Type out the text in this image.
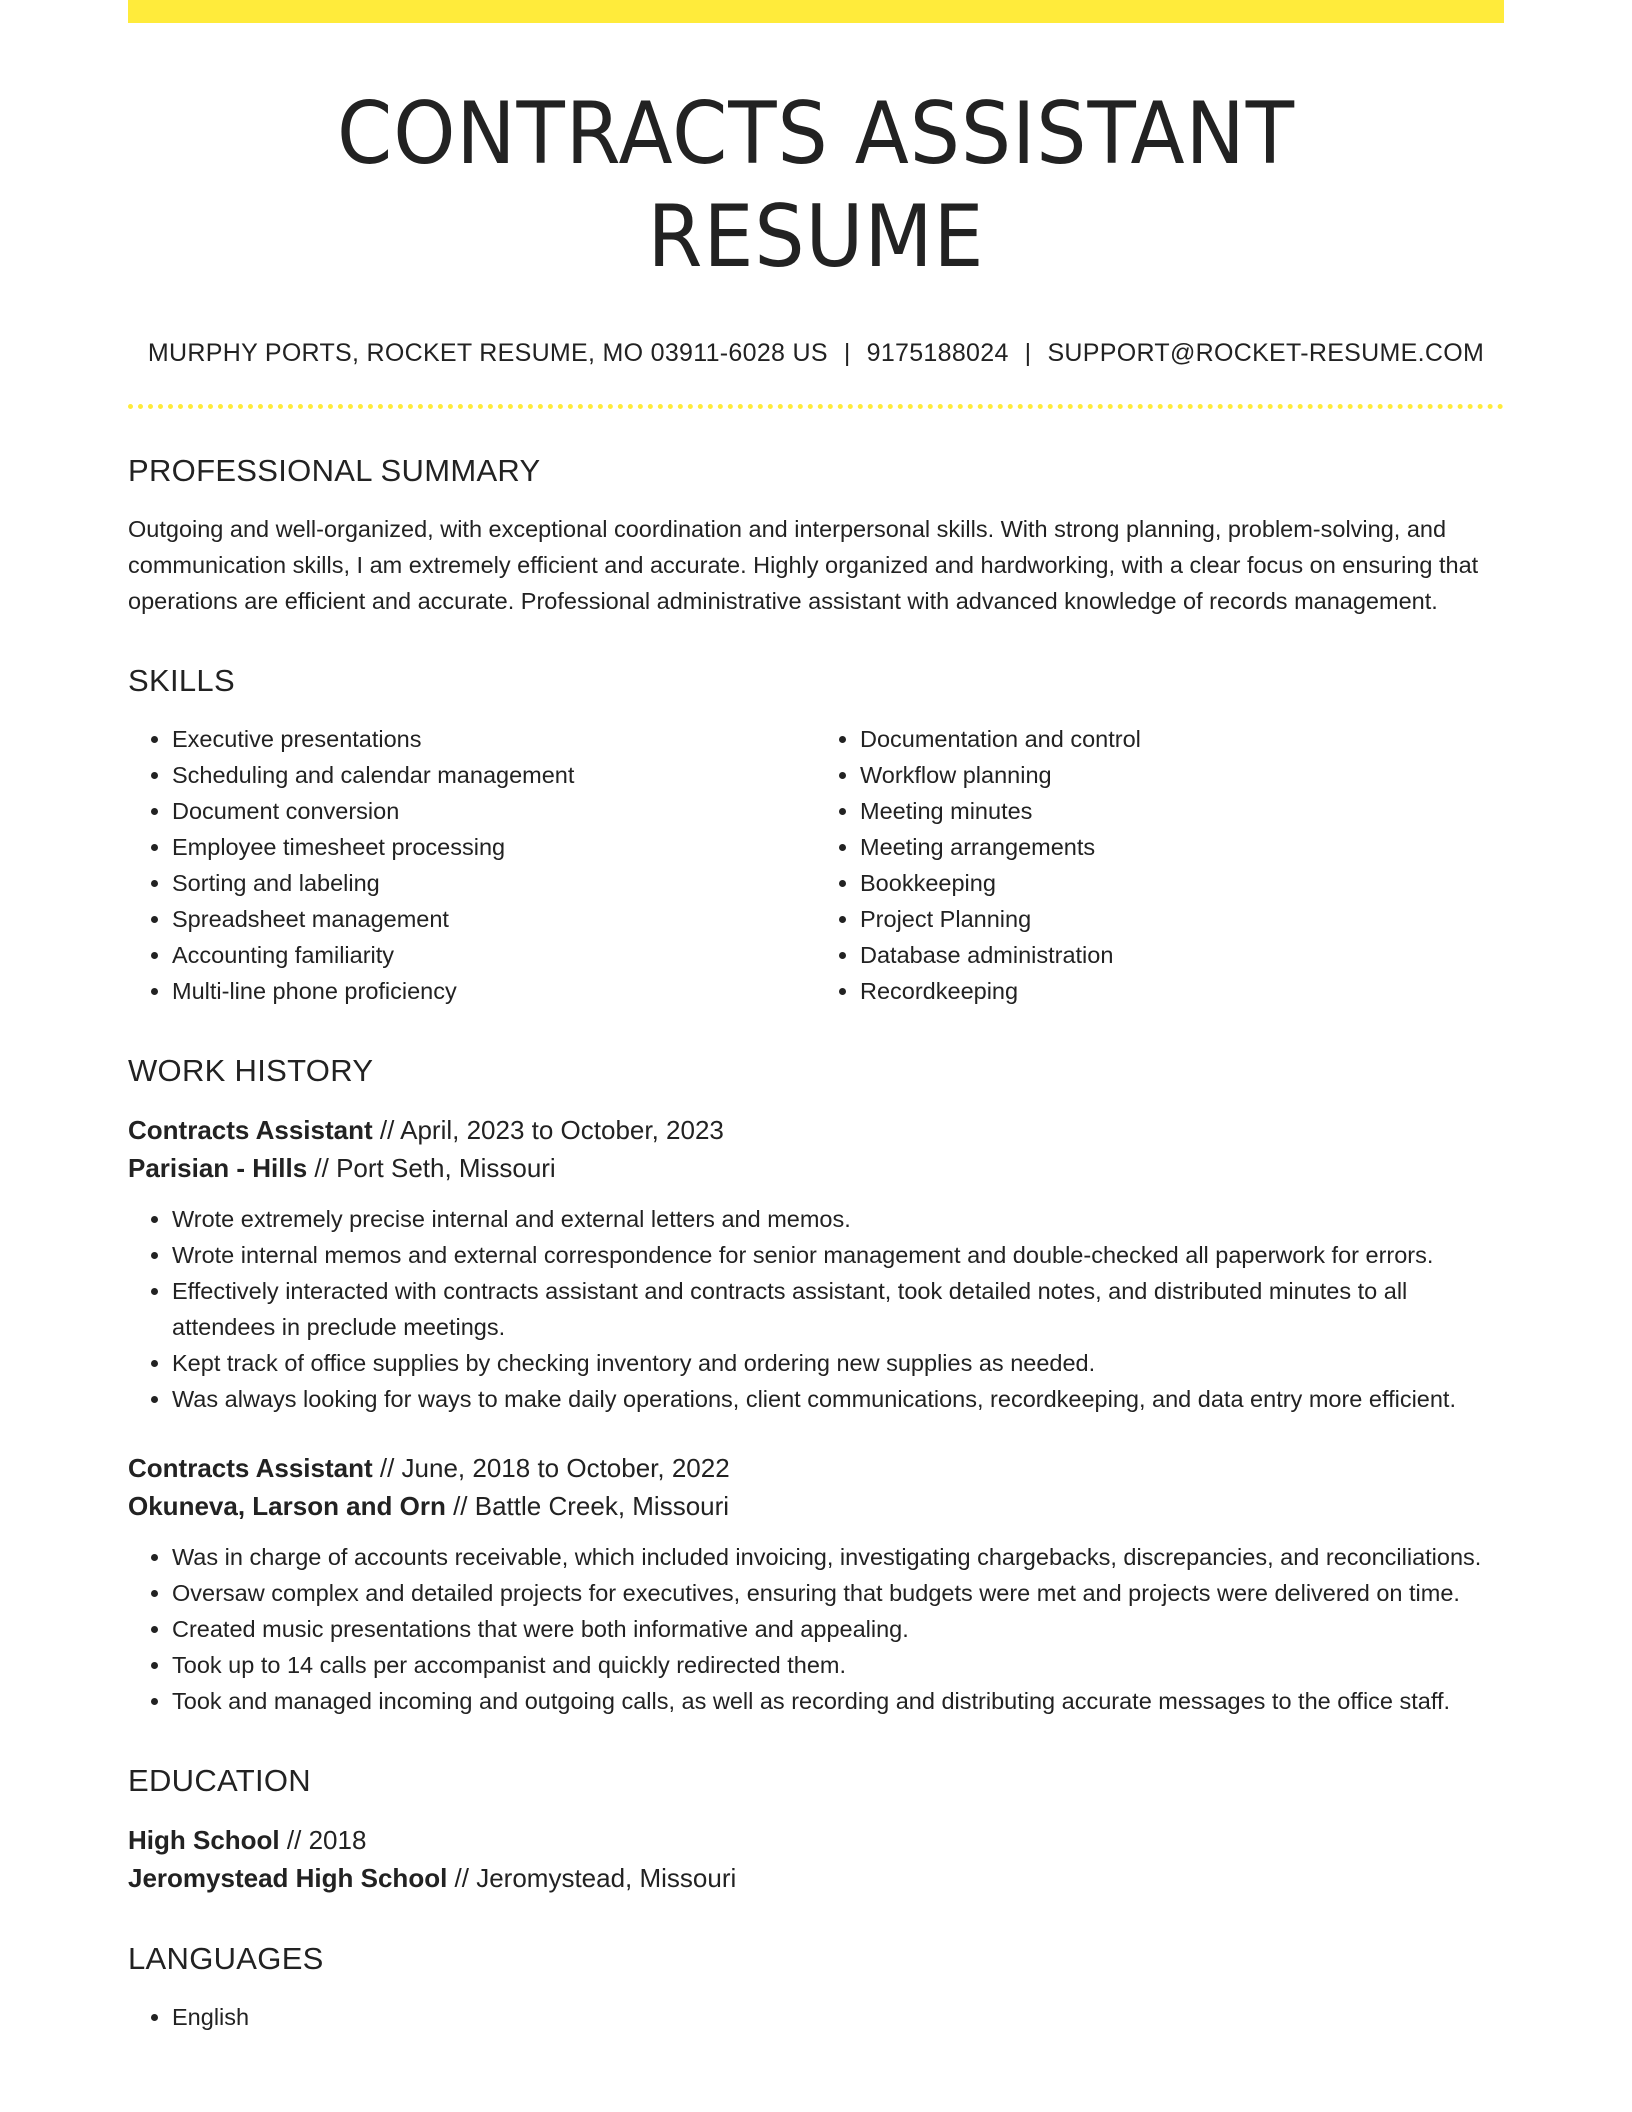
CONTRACTS ASSISTANT RESUME
MURPHY PORTS, ROCKET RESUME, MO 03911-6028 US | 9175188024 | SUPPORT@ROCKET-RESUME.COM
PROFESSIONAL SUMMARY

Outgoing and well-organized, with exceptional coordination and interpersonal skills. With strong planning, problem-solving, and communication skills, I am extremely efficient and accurate. Highly organized and hardworking, with a clear focus on ensuring that operations are efficient and accurate. Professional administrative assistant with advanced knowledge of records management.

SKILLS
• Executive presentations
• Scheduling and calendar management
• Document conversion
• Employee timesheet processing
• Sorting and labeling
• Spreadsheet management
• Accounting familiarity
• Multi-line phone proficiency
• Documentation and control
• Workflow planning
• Meeting minutes
• Meeting arrangements
• Bookkeeping
• Project Planning
• Database administration
• Recordkeeping
WORK HISTORY
Contracts Assistant // April, 2023 to October, 2023
Parisian - Hills // Port Seth, Missouri
• Wrote extremely precise internal and external letters and memos.
• Wrote internal memos and external correspondence for senior management and double-checked all paperwork for errors.
• Effectively interacted with contracts assistant and contracts assistant, took detailed notes, and distributed minutes to all attendees in preclude meetings.
• Kept track of office supplies by checking inventory and ordering new supplies as needed.
• Was always looking for ways to make daily operations, client communications, recordkeeping, and data entry more efficient.
Contracts Assistant // June, 2018 to October, 2022
Okuneva, Larson and Orn // Battle Creek, Missouri
• Was in charge of accounts receivable, which included invoicing, investigating chargebacks, discrepancies, and reconciliations.
• Oversaw complex and detailed projects for executives, ensuring that budgets were met and projects were delivered on time.
• Created music presentations that were both informative and appealing.
• Took up to 14 calls per accompanist and quickly redirected them.
• Took and managed incoming and outgoing calls, as well as recording and distributing accurate messages to the office staff.
EDUCATION
High School // 2018
Jeromystead High School // Jeromystead, Missouri
LANGUAGES
• English
